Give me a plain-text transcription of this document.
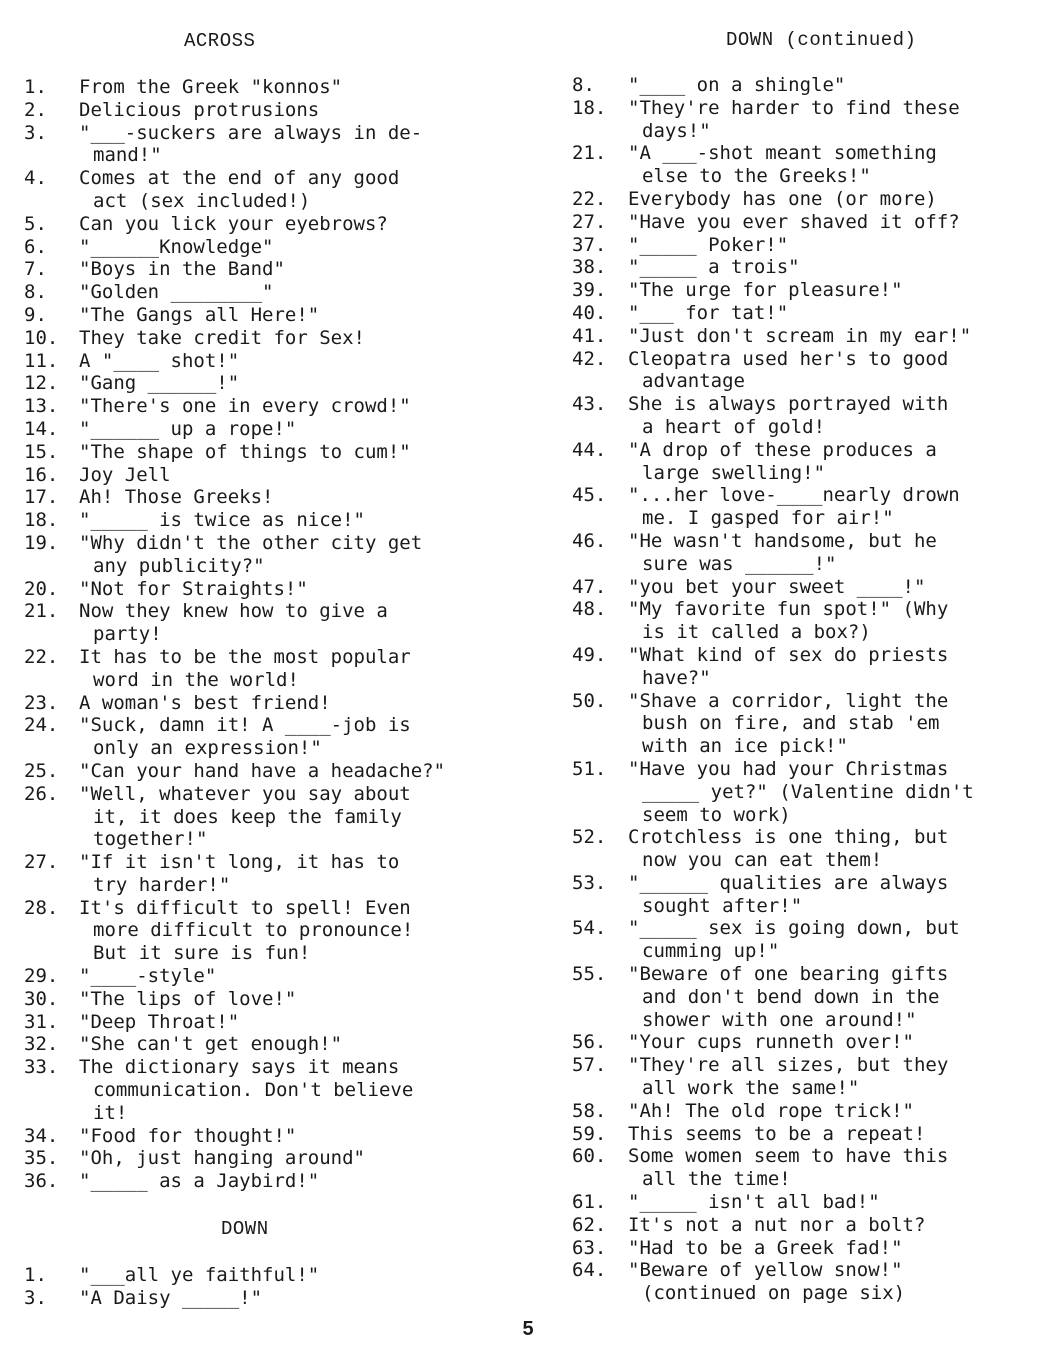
ACROSS
1.	From the Greek "konnos"
2.	Delicious protrusions
3.	"___-suckers are always in de-
mand!"
4.	Comes at the end of any good
act (sex included!)
5.	Can you lick your eyebrows?
6.	"______Knowledge"
7.	"Boys in the Band"
8.	"Golden ________"
9.	"The Gangs all Here!"
10.	They take credit for Sex!
11.	A "____ shot!"
12.	"Gang ______!"
13.	"There's one in every crowd!"
14.	"______ up a rope!"
15.	"The shape of things to cum!"
16.	Joy Jell
17.	Ah! Those Greeks!
18.	"_____ is twice as nice!"
19.	"Why didn't the other city get
any publicity?"
20.	"Not for Straights!"
21.	Now they knew how to give a
party!
22.	It has to be the most popular
word in the world!
23.	A woman's best friend!
24.	"Suck, damn it! A ____-job is
only an expression!"
25.	"Can your hand have a headache?"
26.	"Well, whatever you say about
it, it does keep the family
together!"
27.	"If it isn't long, it has to
try harder!"
28.	It's difficult to spell! Even
more difficult to pronounce!
But it sure is fun!
29.	"____-style"
30.	"The lips of love!"
31.	"Deep Throat!"
32.	"She can't get enough!"
33.	The dictionary says it means
communication. Don't believe
it!
34.	"Food for thought!"
35.	"Oh, just hanging around"
36.	"_____ as a Jaybird!"
DOWN
1.	"___all ye faithful!"
3.	"A Daisy _____!"
DOWN (continued)
8.	"____ on a shingle"
18.	"They're harder to find these
days!"
21.	"A ___-shot meant something
else to the Greeks!"
22.	Everybody has one (or more)
27.	"Have you ever shaved it off?
37.	"_____ Poker!"
38.	"_____ a trois"
39.	"The urge for pleasure!"
40.	"___ for tat!"
41.	"Just don't scream in my ear!"
42.	Cleopatra used her's to good
advantage
43.	She is always portrayed with
a heart of gold!
44.	"A drop of these produces a
large swelling!"
45.	"...her love-____nearly drown
me. I gasped for air!"
46.	"He wasn't handsome, but he
sure was ______!"
47.	"you bet your sweet ____!"
48.	"My favorite fun spot!" (Why
is it called a box?)
49.	"What kind of sex do priests
have?"
50.	"Shave a corridor, light the
bush on fire, and stab 'em
with an ice pick!"
51.	"Have you had your Christmas
_____ yet?" (Valentine didn't
seem to work)
52.	Crotchless is one thing, but
now you can eat them!
53.	"______ qualities are always
sought after!"
54.	"_____ sex is going down, but
cumming up!"
55.	"Beware of one bearing gifts
and don't bend down in the
shower with one around!"
56.	"Your cups runneth over!"
57.	"They're all sizes, but they
all work the same!"
58.	"Ah! The old rope trick!"
59.	This seems to be a repeat!
60.	Some women seem to have this
all the time!
61.	"_____ isn't all bad!"
62.	It's not a nut nor a bolt?
63.	"Had to be a Greek fad!"
64.	"Beware of yellow snow!"
(continued on page six)
5
